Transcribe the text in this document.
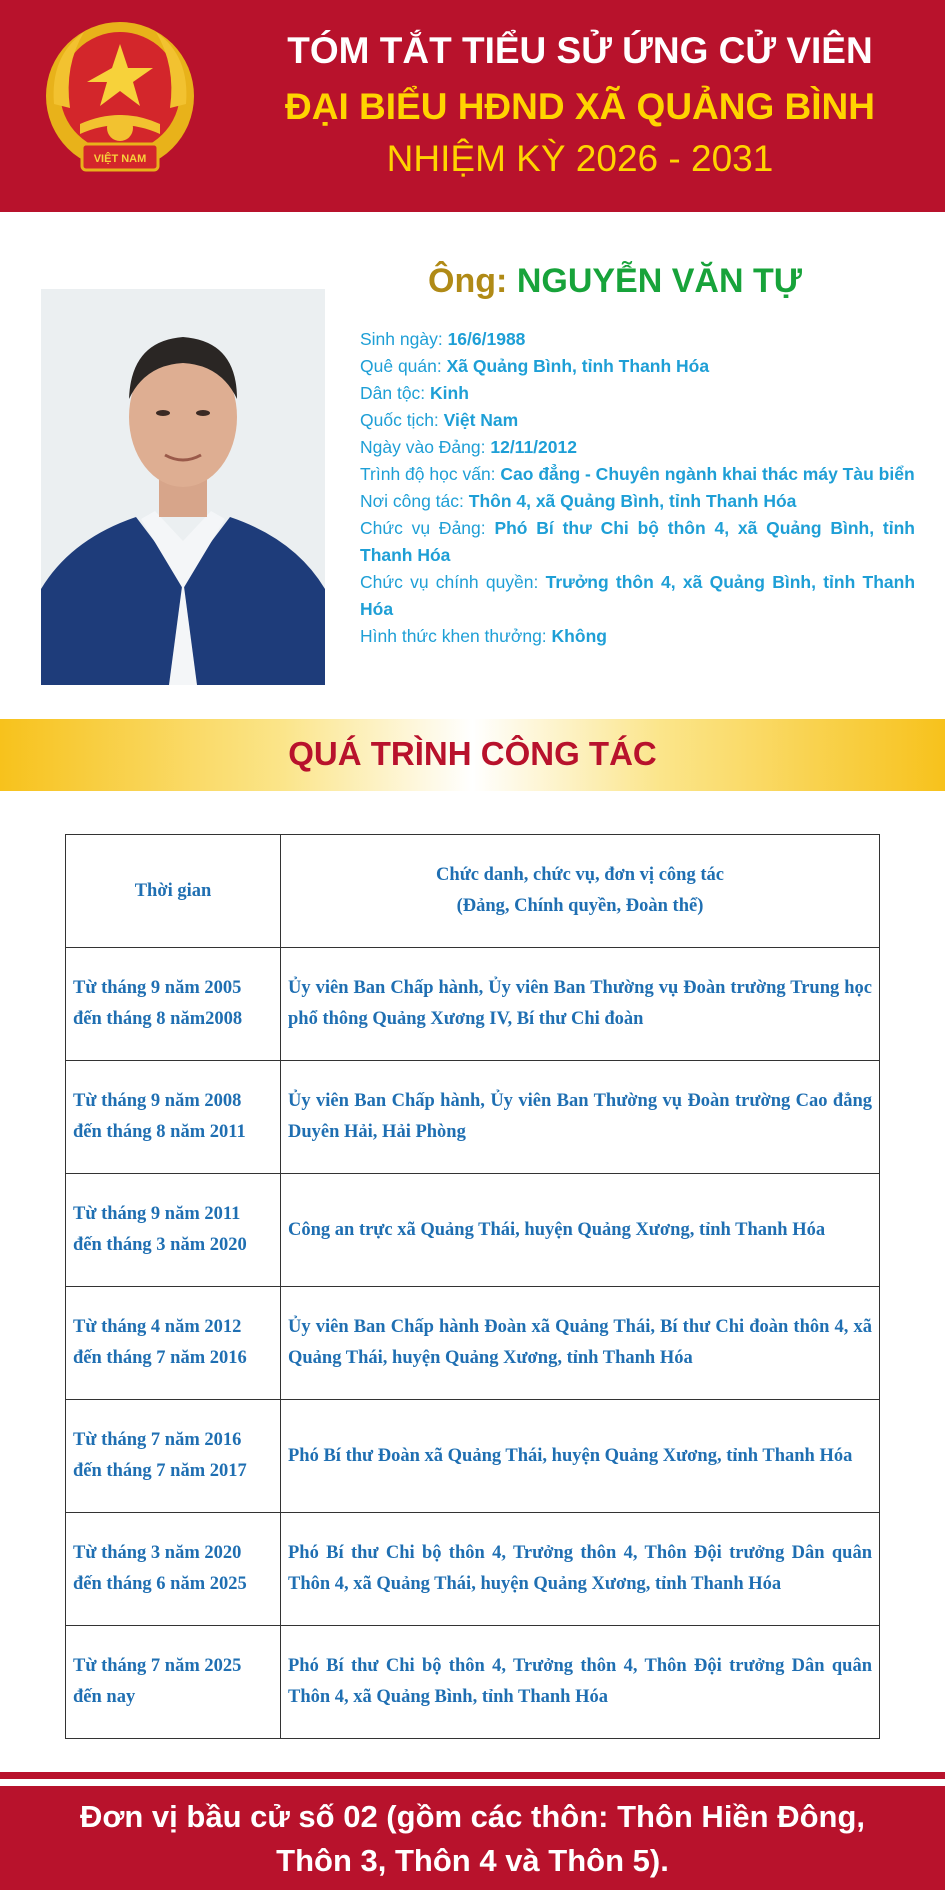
VIỆT NAM
TÓM TẮT TIỂU SỬ ỨNG CỬ VIÊN
ĐẠI BIỂU HĐND XÃ QUẢNG BÌNH
NHIỆM KỲ 2026 - 2031
Ông: NGUYỄN VĂN TỰ

Sinh ngày: 16/6/1988

Quê quán: Xã Quảng Bình, tỉnh Thanh Hóa

Dân tộc: Kinh

Quốc tịch: Việt Nam

Ngày vào Đảng: 12/11/2012

Trình độ học vấn: Cao đẳng - Chuyên ngành khai thác máy Tàu biển

Nơi công tác: Thôn 4, xã Quảng Bình, tỉnh Thanh Hóa

Chức vụ Đảng: Phó Bí thư Chi bộ thôn 4, xã Quảng Bình, tỉnh Thanh Hóa

Chức vụ chính quyền: Trưởng thôn 4, xã Quảng Bình, tỉnh Thanh Hóa

Hình thức khen thưởng: Không

QUÁ TRÌNH CÔNG TÁC
Thời gian	Chức danh, chức vụ, đơn vị công tác
(Đảng, Chính quyền, Đoàn thể)

Từ tháng 9 năm 2005
đến tháng 8 năm2008	Ủy viên Ban Chấp hành, Ủy viên Ban Thường vụ Đoàn trường Trung học phổ thông Quảng Xương IV, Bí thư Chi đoàn
Từ tháng 9 năm 2008
đến tháng 8 năm 2011	Ủy viên Ban Chấp hành, Ủy viên Ban Thường vụ Đoàn trường Cao đẳng Duyên Hải, Hải Phòng
Từ tháng 9 năm 2011
đến tháng 3 năm 2020	Công an trực xã Quảng Thái, huyện Quảng Xương, tỉnh Thanh Hóa
Từ tháng 4 năm 2012
đến tháng 7 năm 2016	Ủy viên Ban Chấp hành Đoàn xã Quảng Thái, Bí thư Chi đoàn thôn 4, xã Quảng Thái, huyện Quảng Xương, tỉnh Thanh Hóa
Từ tháng 7 năm 2016
đến tháng 7 năm 2017	Phó Bí thư Đoàn xã Quảng Thái, huyện Quảng Xương, tỉnh Thanh Hóa
Từ tháng 3 năm 2020
đến tháng 6 năm 2025	Phó Bí thư Chi bộ thôn 4, Trưởng thôn 4, Thôn Đội trưởng Dân quân Thôn 4, xã Quảng Thái, huyện Quảng Xương, tỉnh Thanh Hóa
Từ tháng 7 năm 2025
đến nay	Phó Bí thư Chi bộ thôn 4, Trưởng thôn 4, Thôn Đội trưởng Dân quân Thôn 4, xã Quảng Bình, tỉnh Thanh Hóa
Đơn vị bầu cử số 02 (gồm các thôn: Thôn Hiền Đông,
Thôn 3, Thôn 4 và Thôn 5).
